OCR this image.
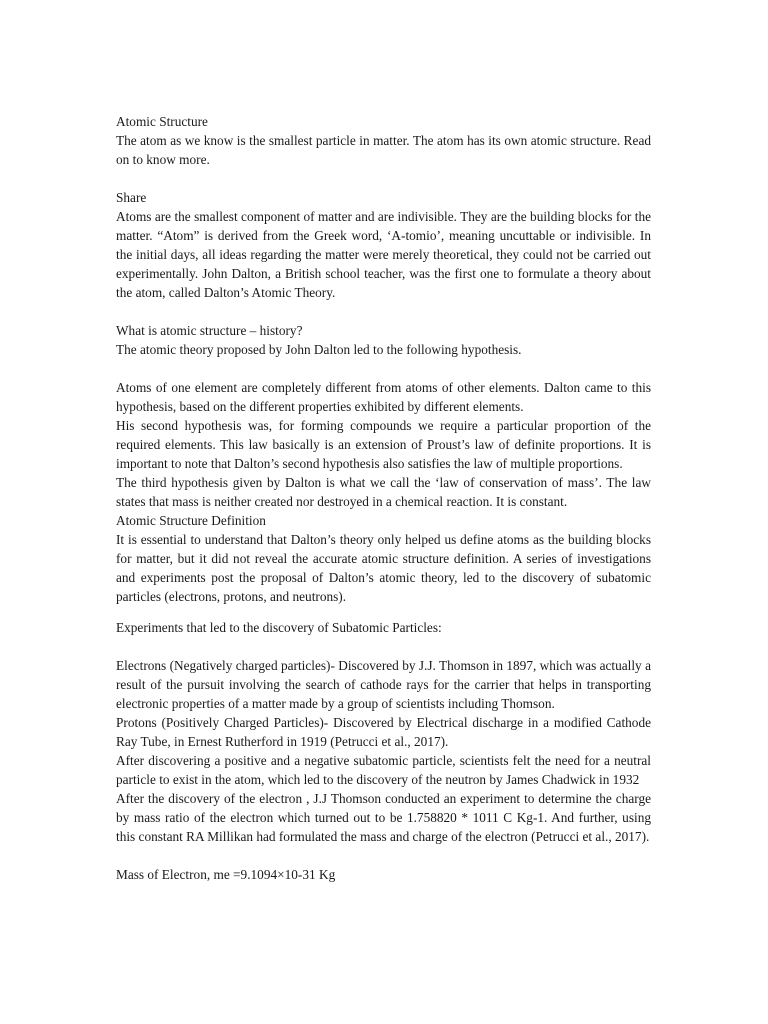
Atomic Structure

The atom as we know is the smallest particle in matter. The atom has its own atomic structure. Read on to know more.

Share

Atoms are the smallest component of matter and are indivisible. They are the building blocks for the matter. “Atom” is derived from the Greek word, ‘A-tomio’, meaning uncuttable or indivisible. In the initial days, all ideas regarding the matter were merely theoretical, they could not be carried out experimentally. John Dalton, a British school teacher, was the first one to formulate a theory about the atom, called Dalton’s Atomic Theory.

What is atomic structure – history?

The atomic theory proposed by John Dalton led to the following hypothesis.

Atoms of one element are completely different from atoms of other elements. Dalton came to this hypothesis, based on the different properties exhibited by different elements.

His second hypothesis was, for forming compounds we require a particular proportion of the required elements. This law basically is an extension of Proust’s law of definite proportions. It is important to note that Dalton’s second hypothesis also satisfies the law of multiple proportions.

The third hypothesis given by Dalton is what we call the ‘law of conservation of mass’. The law states that mass is neither created nor destroyed in a chemical reaction. It is constant.

Atomic Structure Definition

It is essential to understand that Dalton’s theory only helped us define atoms as the building blocks for matter, but it did not reveal the accurate atomic structure definition. A series of investigations and experiments post the proposal of Dalton’s atomic theory, led to the discovery of subatomic particles (electrons, protons, and neutrons).

Experiments that led to the discovery of Subatomic Particles:

Electrons (Negatively charged particles)- Discovered by J.J. Thomson in 1897, which was actually a result of the pursuit involving the search of cathode rays for the carrier that helps in transporting electronic properties of a matter made by a group of scientists including Thomson.

Protons (Positively Charged Particles)- Discovered by Electrical discharge in a modified Cathode Ray Tube, in Ernest Rutherford in 1919 (Petrucci et al., 2017).

After discovering a positive and a negative subatomic particle, scientists felt the need for a neutral particle to exist in the atom, which led to the discovery of the neutron by James Chadwick in 1932

After the discovery of the electron , J.J Thomson conducted an experiment to determine the charge by mass ratio of the electron which turned out to be 1.758820 * 1011 C Kg-1. And further, using this constant RA Millikan had formulated the mass and charge of the electron (Petrucci et al., 2017).

Mass of Electron, me =9.1094×10-31 Kg
